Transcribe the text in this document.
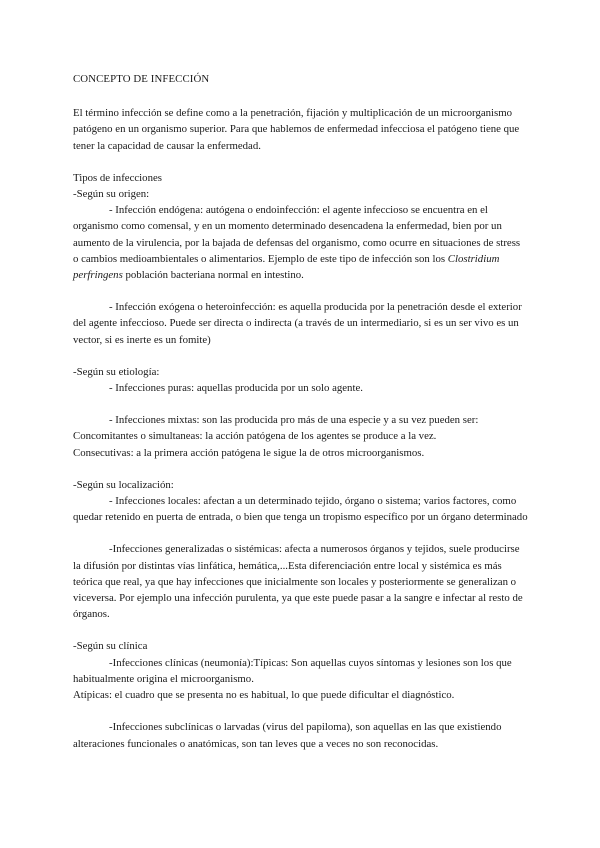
CONCEPTO DE INFECCIÓN

El término infección se define como a la penetración, fijación y multiplicación de un microorganismo patógeno en un organismo superior. Para que hablemos de enfermedad infecciosa el patógeno tiene que tener la capacidad de causar la enfermedad.

Tipos de infecciones

-Según su origen:

- Infección endógena: autógena o endoinfección: el agente infeccioso se encuentra en el organismo como comensal, y en un momento determinado desencadena la enfermedad, bien por un aumento de la virulencia, por la bajada de defensas del organismo, como ocurre en situaciones de stress o cambios medioambientales o alimentarios. Ejemplo de este tipo de infección son los Clostridium perfringens población bacteriana normal en intestino.

- Infección exógena o heteroinfección: es aquella producida por la penetración desde el exterior del agente infeccioso. Puede ser directa o indirecta (a través de un intermediario, si es un ser vivo es un vector, si es inerte es un fomite)

-Según su etiología:

- Infecciones puras: aquellas producida por un solo agente.

- Infecciones mixtas: son las producida pro más de una especie y a su vez pueden ser:

Concomitantes o simultaneas: la acción patógena de los agentes se produce a la vez.

Consecutivas: a la primera acción patógena le sigue la de otros microorganismos.

-Según su localización:

- Infecciones locales: afectan a un determinado tejido, órgano o sistema; varios factores, como quedar retenido en puerta de entrada, o bien que tenga un tropismo específico por un órgano determinado

-Infecciones generalizadas o sistémicas: afecta a numerosos órganos y tejidos, suele producirse la difusión por distintas vías linfática, hemática,...Esta diferenciación entre local y sistémica es más teórica que real, ya que hay infecciones que inicialmente son locales y posteriormente se generalizan o viceversa. Por ejemplo una infección purulenta, ya que este puede pasar a la sangre e infectar al resto de órganos.

-Según su clínica

-Infecciones clínicas (neumonía):Típicas: Son aquellas cuyos síntomas y lesiones son los que habitualmente origina el microorganismo.

Atípicas: el cuadro que se presenta no es habitual, lo que puede dificultar el diagnóstico.

-Infecciones subclínicas o larvadas (virus del papiloma), son aquellas en las que existiendo alteraciones funcionales o anatómicas, son tan leves que a veces no son reconocidas.
